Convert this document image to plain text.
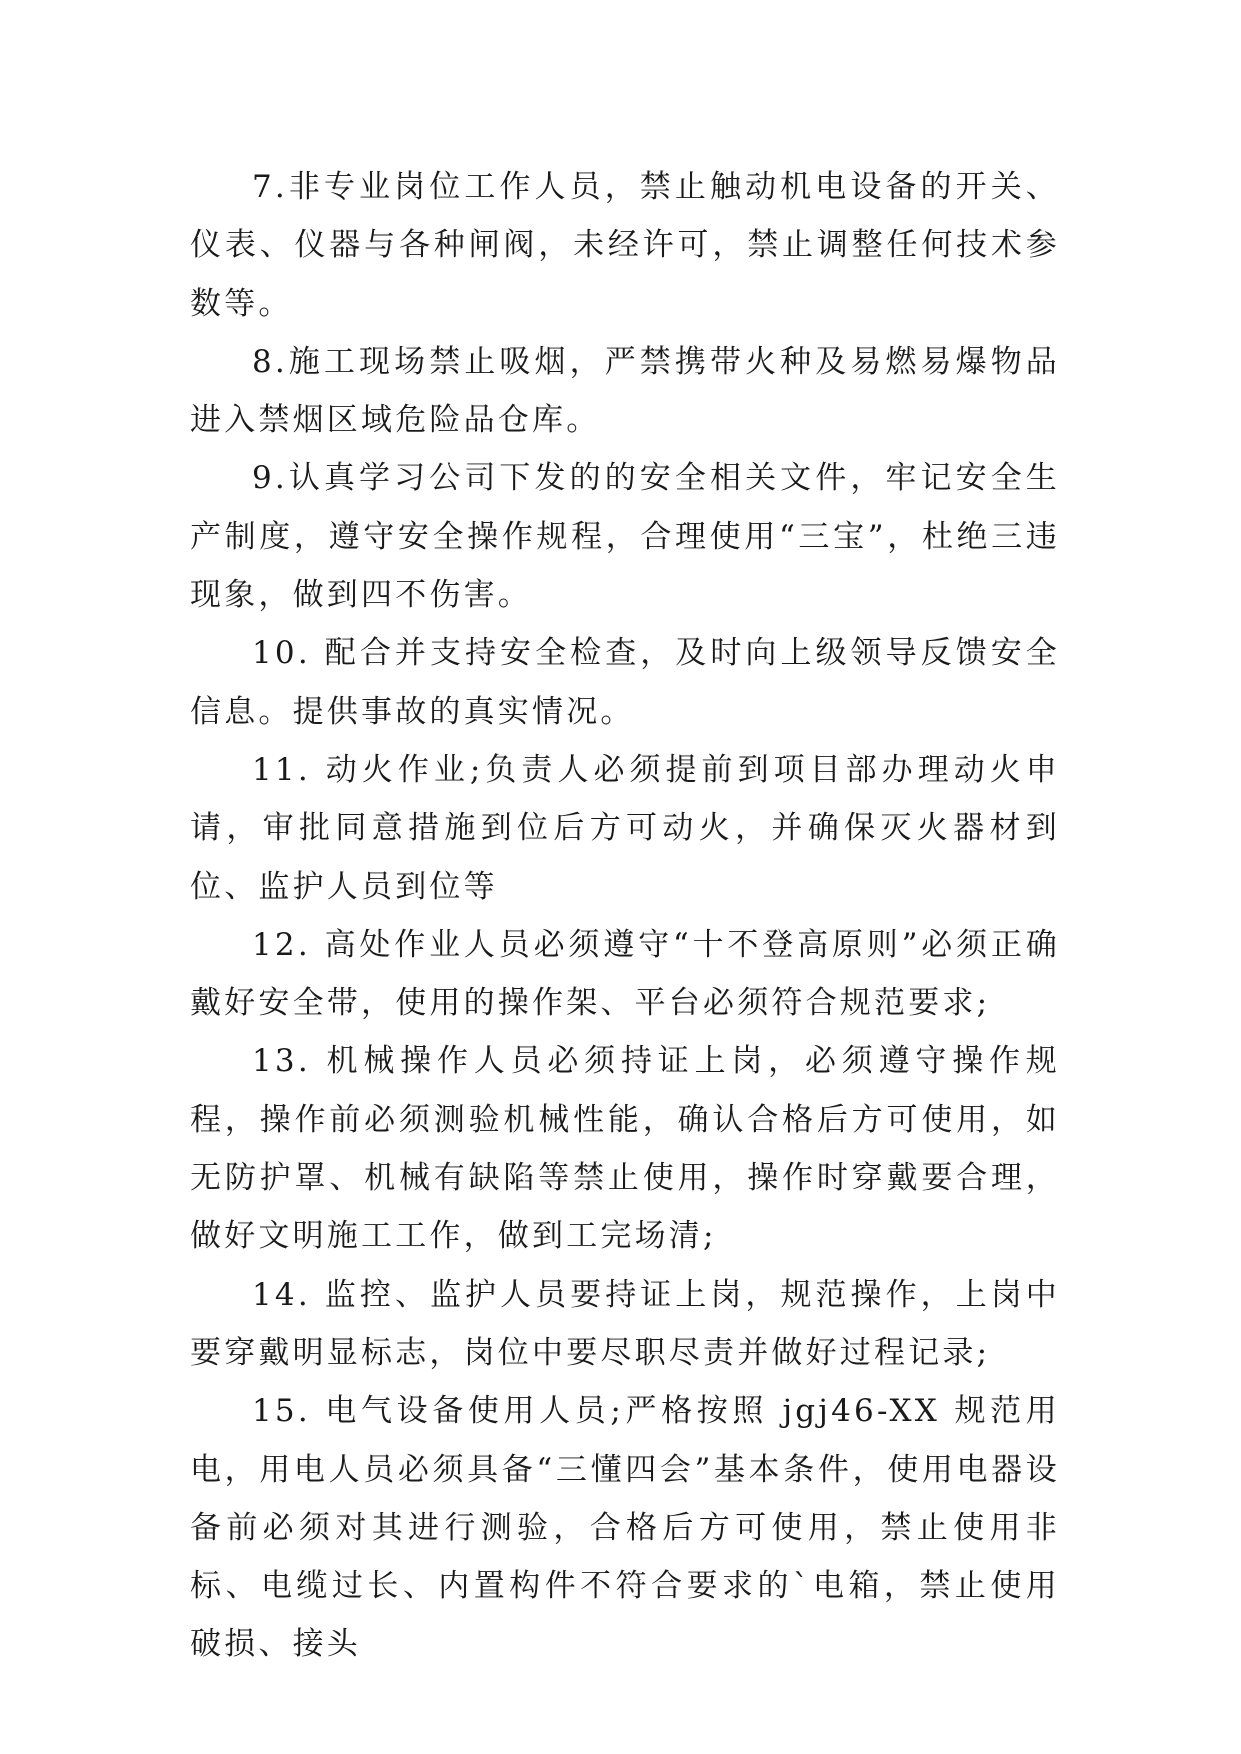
7.非专业岗位工作人员，禁止触动机电设备的开关、仪表、仪器与各种闸阀，未经许可，禁止调整任何技术参数等。

8.施工现场禁止吸烟，严禁携带火种及易燃易爆物品进入禁烟区域危险品仓库。

9.认真学习公司下发的的安全相关文件，牢记安全生产制度，遵守安全操作规程，合理使用“三宝”，杜绝三违现象，做到四不伤害。

10. 配合并支持安全检查，及时向上级领导反馈安全信息。提供事故的真实情况。

11. 动火作业;负责人必须提前到项目部办理动火申请，审批同意措施到位后方可动火，并确保灭火器材到位、监护人员到位等

12. 高处作业人员必须遵守“十不登高原则”必须正确戴好安全带，使用的操作架、平台必须符合规范要求;

13. 机械操作人员必须持证上岗，必须遵守操作规程，操作前必须测验机械性能，确认合格后方可使用，如无防护罩、机械有缺陷等禁止使用，操作时穿戴要合理，做好文明施工工作，做到工完场清;

14. 监控、监护人员要持证上岗，规范操作，上岗中要穿戴明显标志，岗位中要尽职尽责并做好过程记录;

15. 电气设备使用人员;严格按照 jgj46-XX 规范用电，用电人员必须具备“三懂四会”基本条件，使用电器设备前必须对其进行测验，合格后方可使用，禁止使用非标、电缆过长、内置构件不符合要求的`电箱，禁止使用破损、接头
